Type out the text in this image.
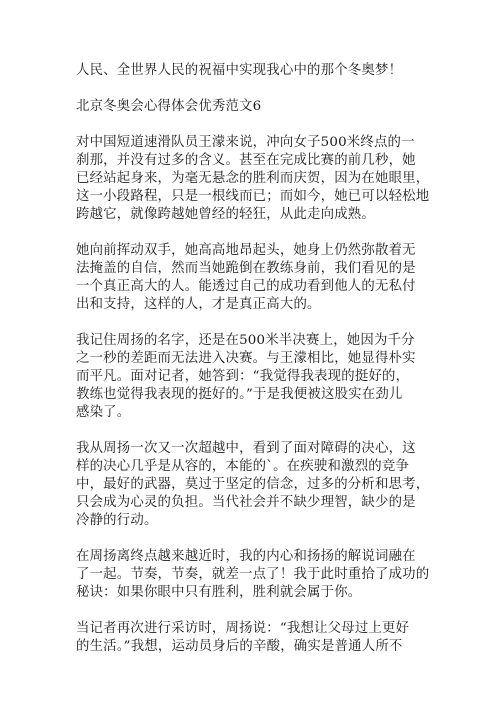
人民、全世界人民的祝福中实现我心中的那个冬奥梦！
北京冬奥会心得体会优秀范文6
对中国短道速滑队员王濛来说，冲向女子500米终点的一
刹那，并没有过多的含义。甚至在完成比赛的前几秒，她
已经站起身来，为毫无悬念的胜利而庆贺，因为在她眼里，
这一小段路程，只是一根线而已；而如今，她已可以轻松地
跨越它，就像跨越她曾经的轻狂，从此走向成熟。
她向前挥动双手，她高高地昂起头，她身上仍然弥散着无
法掩盖的自信，然而当她跪倒在教练身前，我们看见的是
一个真正高大的人。能透过自己的成功看到他人的无私付
出和支持，这样的人，才是真正高大的。
我记住周扬的名字，还是在500米半决赛上，她因为千分
之一秒的差距而无法进入决赛。与王濛相比，她显得朴实
而平凡。面对记者，她答到：“我觉得我表现的挺好的，
教练也觉得我表现的挺好的。”于是我便被这股实在劲儿
感染了。
我从周扬一次又一次超越中，看到了面对障碍的决心，这
样的决心几乎是从容的，本能的`。在疾驶和激烈的竞争
中，最好的武器，莫过于坚定的信念，过多的分析和思考，
只会成为心灵的负担。当代社会并不缺少理智，缺少的是
冷静的行动。
在周扬离终点越来越近时，我的内心和扬扬的解说词融在
了一起。节奏，节奏，就差一点了！我于此时重拾了成功的
秘诀：如果你眼中只有胜利，胜利就会属于你。
当记者再次进行采访时，周扬说：“我想让父母过上更好
的生活。”我想，运动员身后的辛酸，确实是普通人所不
